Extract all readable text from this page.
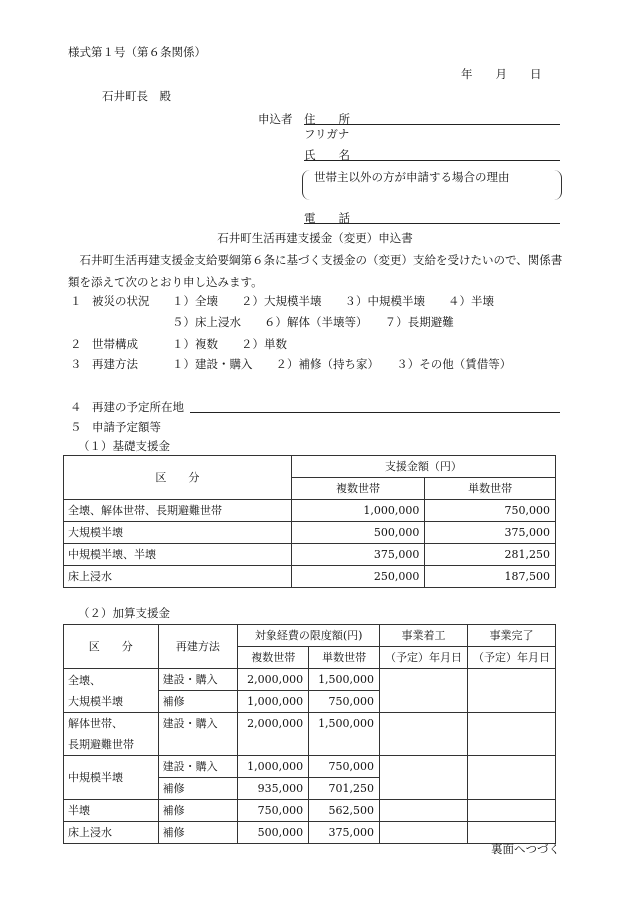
様式第１号（第６条関係）
年　　月　　日
石井町長　殿
申込者 住　　所
フリガナ
氏　　名
世帯主以外の方が申請する場合の理由
電　　話
石井町生活再建支援金（変更）申込書
石井町生活再建支援金支給要綱第６条に基づく支援金の（変更）支給を受けたいので、関係書類を添えて次のとおり申し込みます。
１ 被災の状況 １）全壊　　２）大規模半壊　　３）中規模半壊　　４）半壊
５）床上浸水　　６）解体（半壊等）　　７）長期避難
２ 世帯構成	１）複数　　２）単数
３ 再建方法	１）建設・購入　　２）補修（持ち家）　　３）その他（賃借等）
４ 再建の予定所在地
５ 申請予定額等
（１）基礎支援金
区　　分	支援金額（円）	
	複数世帯	単数世帯
全壊、解体世帯、長期避難世帯	1,000,000	750,000
大規模半壊	500,000	375,000
中規模半壊、半壊	375,000	281,250
床上浸水	250,000	187,500
（２）加算支援金
区　　分	再建方法	対象経費の限度額(円)		事業着工	事業完了
		複数世帯	単数世帯	（予定）年月日	（予定）年月日

全壊、
大規模半壊	建設・購入	2,000,000	1,500,000		
	補修	1,000,000	750,000		

解体世帯、
長期避難世帯	建設・購入	2,000,000	1,500,000		
中規模半壊	建設・購入	1,000,000	750,000		
	補修	935,000	701,250		
半壊	補修	750,000	562,500		
床上浸水	補修	500,000	375,000		
裏面へつづく
